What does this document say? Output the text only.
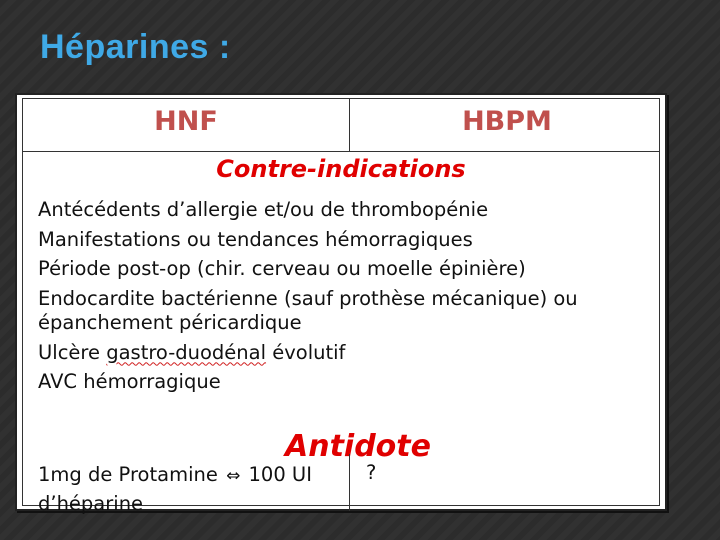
Héparines :
HNF	HBPM
Contre-indications
Antécédents d’allergie et/ou de thrombopénie
Manifestations ou tendances hémorragiques
Période post-op (chir. cerveau ou moelle épinière)
Endocardite bactérienne (sauf prothèse mécanique) ou épanchement péricardique
Ulcère gastro-duodénal évolutif
AVC hémorragique
Antidote
1mg de Protamine ⇔ 100 UI d’héparine
?
